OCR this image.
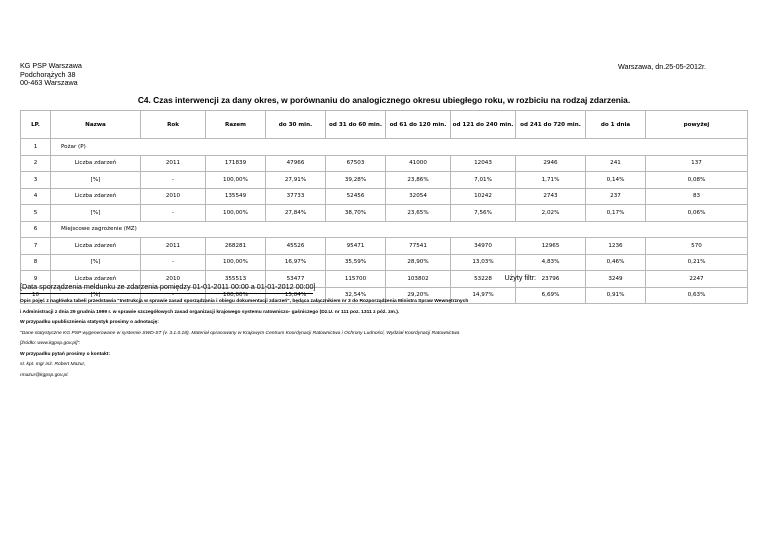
KG PSP Warszawa
Podchorążych 38
00-463 Warszawa
Warszawa, dn.25-05-2012r.
C4. Czas interwencji za dany okres, w porównaniu do analogicznego okresu ubiegłego roku, w rozbiciu na rodzaj zdarzenia.
LP.	Nazwa	Rok	Razem	do 30 min.	od 31 do 60 min.	od 61 do 120 min.	od 121 do 240 min.	od 241 do 720 min.	do 1 dnia	powyżej
1	Pożar (P)									
2	Liczba zdarzeń	2011	171839	47966	67503	41000	12043	2946	241	137
3	[%]	-	100,00%	27,91%	39,28%	23,86%	7,01%	1,71%	0,14%	0,08%
4	Liczba zdarzeń	2010	135549	37733	52456	32054	10242	2743	237	83
5	[%]	-	100,00%	27,84%	38,70%	23,65%	7,56%	2,02%	0,17%	0,06%
6	Miejscowe zagrożenie (MZ)									
7	Liczba zdarzeń	2011	268281	45526	95471	77541	34970	12965	1236	570
8	[%]	-	100,00%	16,97%	35,59%	28,90%	13,03%	4,83%	0,46%	0,21%
9	Liczba zdarzeń	2010	355513	53477	115700	103802	53228	23796	3249	2247
10	[%]	-	100,00%	15,04%	32,54%	29,20%	14,97%	6,69%	0,91%	0,63%
Użyty filtr:
[Data sporządzenia meldunku ze zdarzenia pomiędzy 01-01-2011 00:00 a 01-01-2012 00:00]
Opis pojęć z nagłówka tabeli przedstawia "Instrukcja w sprawie zasad sporządzania i obiegu dokumentacji zdarzeń", będąca załącznikiem nr 3 do Rozporządzenia Ministra Spraw Wewnętrznych
i Administracji z dnia 29 grudnia 1999 r. w sprawie szczegółowych zasad organizacji krajowego systemu ratowniczo- gaśniczego (Dz.U. nr 111 poz. 1311 z póź. zm.).
W przypadku upublicznienia statystyk prosimy o adnotację:
"Dane statystyczne KG PSP wygenerowane w systemie SWD-ST (v. 3.1.0.18). Materiał opracowany w Krajowym Centrum Koordynacji Ratownictwa i Ochrony Ludności, Wydział Koordynacji Ratownictwa
[źródło: www.kgpsp.gov.pl]".
W przypadku pytań prosimy o kontakt:
st. kpt. mgr inż. Robert Mazur,
rmazur@kgpsp.gov.pl.
